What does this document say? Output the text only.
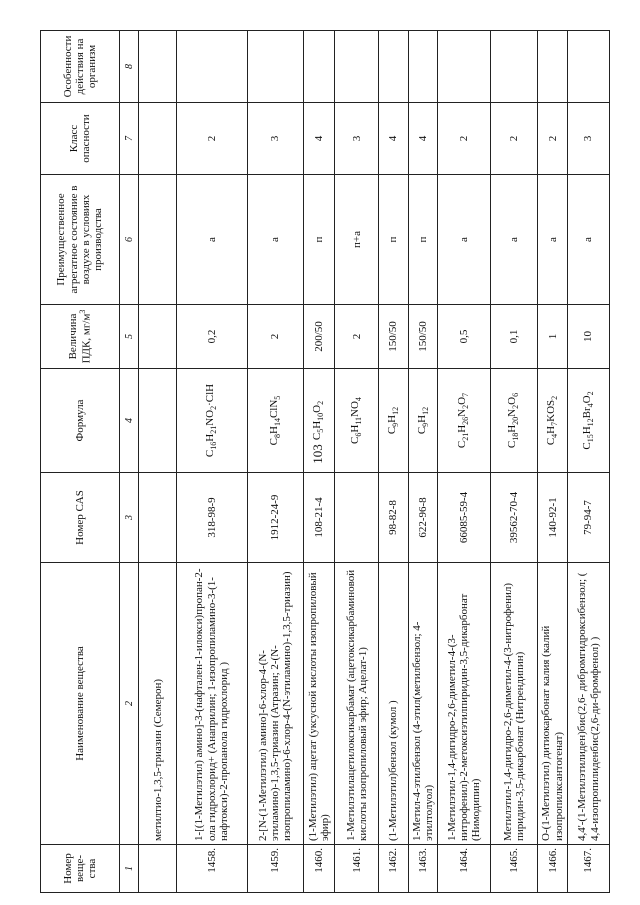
103
Номер веще-ства	Наименование вещества	Номер CAS	Формула	Величина ПДК, $мг/м^3$	Преимущественное агрегатное состояние в воздухе в условиях производства	Класс опасности	Особенности действия на организм
1	2	3	4	5	6	7	8
	метилтио-1,3,5-триазин (Семерон)						
1458.	1-[(1-Метилэтил) амино]-3-(нафтален-1-илокси)пропан-2-ола гидрохлорид+ (Анаприлин; 1-изопропиламино-3-(1-нафтокси)-2-пропанола гидрохлорид )	318-98-9	$C_{16}H_{21}NO_2\cdot ClH$	0,2	а	2	
1459.	2-[N-(1-Метилэтил) амино]-6-хлор-4-(N- этиламино)-1,3,5-триазин (Атразин; 2-(N-изопропиламино)-6-хлор-4-(N-этиламино)-1,3,5-триазин)	1912-24-9	$C_8H_{14}ClN_5$	2	а	3	
1460.	(1-Метилэтил) ацетат (уксусной кислоты изопропиловый эфир)	108-21-4	$C_5H_{10}O_2$	200/50	п	4	
1461.	1-Метилэтилацетилоксикарбамат (ацетоксикарбаминовой кислоты изопропиловый эфир; Ацелат-1)		$C_6H_{11}NO_4$	2	п+а	3	
1462.	(1-Метилэтил)бензол (кумол )	98-82-8	$C_9H_{12}$	150/50	п	4	
1463.	1-Метил-4-этилбензол (4-этил(метилбензол; 4-этилтолуол)	622-96-8	$C_9H_{12}$	150/50	п	4	
1464.	1-Метилэтил-1,4-дигидро-2,6-диметил-4-(3-нитрофенил)-2-метоксиэтилпиридин-3,5-дикарбонат (Нимодипин)	66085-59-4	$C_{21}H_{26}N_2O_7$	0,5	а	2	
1465.	Метилэтил-1,4-дигидро-2,6-диметил-4-(3-нитрофенил) пиридин-3,5-дикарбонат (Нитрендипин)	39562-70-4	$C_{18}H_{20}N_2O_6$	0,1	а	2	
1466.	О-(1-Метилэтил) дитиокарбонат калия (калий изопропилксантогенат)	140-92-1	$C_4H_7KOS_2$	1	а	2	
1467.	4,4'-(1-Метилэтилиден)бис(2,6- дибромгидроксибензол; ( 4,4-изопропилиденбис(2,6-ди-бромфенол) )	79-94-7	$C_{15}H_{12}Br_4O_2$	10	а	3	
